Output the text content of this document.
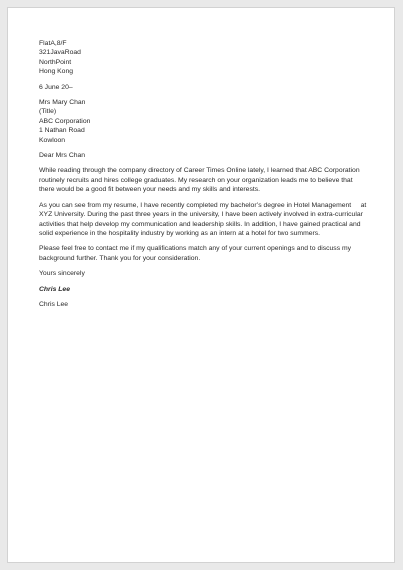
FlatA,8/F
321JavaRoad
NorthPoint
Hong Kong
6 June 20–
Mrs Mary Chan
(Title)
ABC Corporation
1 Nathan Road
Kowloon
Dear Mrs Chan
While reading through the company directory of Career Times Online lately, I learned that ABC Corporation
routinely recruits and hires college graduates. My research on your organization leads me to believe that
there would be a good fit between your needs and my skills and interests.
As you can see from my resume, I have recently completed my bachelor’s degree in Hotel Management     at
XYZ University. During the past three years in the university, I have been actively involved in extra-curricular
activities that help develop my communication and leadership skills. In addition, I have gained practical and
solid experience in the hospitality industry by working as an intern at a hotel for two summers.
Please feel free to contact me if my qualifications match any of your current openings and to discuss my
background further. Thank you for your consideration.
Yours sincerely
Chris Lee
Chris Lee
